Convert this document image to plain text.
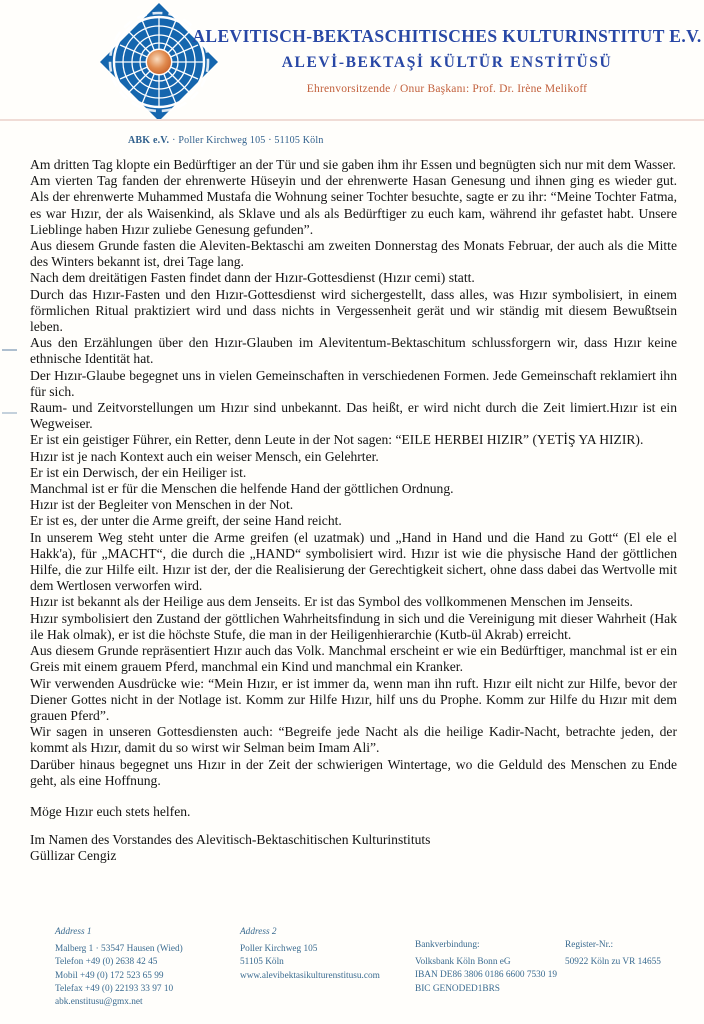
ALEVITISCH-BEKTASCHITISCHES KULTURINSTITUT E.V.
ALEVİ-BEKTAŞİ KÜLTÜR ENSTİTÜSÜ
Ehrenvorsitzende / Onur Başkanı: Prof. Dr. Irène Melikoff
ABK e.V. · Poller Kirchweg 105 · 51105 Köln

Am dritten Tag klopte ein Bedürftiger an der Tür und sie gaben ihm ihr Essen und begnügten sich nur mit dem Wasser.

Am vierten Tag fanden der ehrenwerte Hüseyin und der ehrenwerte Hasan Genesung und ihnen ging es wieder gut. Als der ehrenwerte Muhammed Mustafa die Wohnung seiner Tochter besuchte, sagte er zu ihr: “Meine Tochter Fatma, es war Hızır, der als Waisenkind, als Sklave und als als Bedürftiger zu euch kam, während ihr gefastet habt. Unsere Lieblinge haben Hızır zuliebe Genesung gefunden”.

Aus diesem Grunde fasten die Aleviten-Bektaschi am zweiten Donnerstag des Monats Februar, der auch als die Mitte des Winters bekannt ist, drei Tage lang.

Nach dem dreitätigen Fasten findet dann der Hızır-Gottesdienst (Hızır cemi) statt.

Durch das Hızır-Fasten und den Hızır-Gottesdienst wird sichergestellt, dass alles, was Hızır symbolisiert, in einem förmlichen Ritual praktiziert wird und dass nichts in Vergessenheit gerät und wir ständig mit diesem Bewußtsein leben.

Aus den Erzählungen über den Hızır-Glauben im Alevitentum-Bektaschitum schlussforgern wir, dass Hızır keine ethnische Identität hat.

Der Hızır-Glaube begegnet uns in vielen Gemeinschaften in verschiedenen Formen. Jede Gemeinschaft reklamiert ihn für sich.

Raum- und Zeitvorstellungen um Hızır sind unbekannt. Das heißt, er wird nicht durch die Zeit limiert.Hızır ist ein Wegweiser.

Er ist ein geistiger Führer, ein Retter, denn Leute in der Not sagen: “EILE HERBEI HIZIR” (YETİŞ YA HIZIR).

Hızır ist je nach Kontext auch ein weiser Mensch, ein Gelehrter.

Er ist ein Derwisch, der ein Heiliger ist.

Manchmal ist er für die Menschen die helfende Hand der göttlichen Ordnung.

Hızır ist der Begleiter von Menschen in der Not.

Er ist es, der unter die Arme greift, der seine Hand reicht.

In unserem Weg steht unter die Arme greifen (el uzatmak) und „Hand in Hand und die Hand zu Gott“ (El ele el Hakk'a), für „MACHT“, die durch die „HAND“ symbolisiert wird. Hızır ist wie die physische Hand der göttlichen Hilfe, die zur Hilfe eilt. Hızır ist der, der die Realisierung der Gerechtigkeit sichert, ohne dass dabei das Wertvolle mit dem Wertlosen verworfen wird.

Hızır ist bekannt als der Heilige aus dem Jenseits. Er ist das Symbol des vollkommenen Menschen im Jenseits.

Hızır symbolisiert den Zustand der göttlichen Wahrheitsfindung in sich und die Vereinigung mit dieser Wahrheit (Hak ile Hak olmak), er ist die höchste Stufe, die man in der Heiligenhierarchie (Kutb-ül Akrab) erreicht.

Aus diesem Grunde repräsentiert Hızır auch das Volk. Manchmal erscheint er wie ein Bedürftiger, manchmal ist er ein Greis mit einem grauem Pferd, manchmal ein Kind und manchmal ein Kranker.

Wir verwenden Ausdrücke wie: “Mein Hızır, er ist immer da, wenn man ihn ruft. Hızır eilt nicht zur Hilfe, bevor der Diener Gottes nicht in der Notlage ist. Komm zur Hilfe Hızır, hilf uns du Prophe. Komm zur Hilfe du Hızır mit dem grauen Pferd”.

Wir sagen in unseren Gottesdiensten auch: “Begreife jede Nacht als die heilige Kadir-Nacht, betrachte jeden, der kommt als Hızır, damit du so wirst wir Selman beim Imam Ali”.

Darüber hinaus begegnet uns Hızır in der Zeit der schwierigen Wintertage, wo die Gelduld des Menschen zu Ende geht, als eine Hoffnung.

Möge Hızır euch stets helfen.

Im Namen des Vorstandes des Alevitisch-Bektaschitischen Kulturinstituts

Güllizar Cengiz

Address 1
Malberg 1 · 53547 Hausen (Wied)
Telefon +49 (0) 2638 42 45
Mobil +49 (0) 172 523 65 99
Telefax +49 (0) 22193 33 97 10
abk.enstitusu@gmx.net
Address 2
Poller Kirchweg 105
51105 Köln
www.alevibektasikulturenstitusu.com
Bankverbindung:
Volksbank Köln Bonn eG
IBAN DE86 3806 0186 6600 7530 19
BIC GENODED1BRS
Register-Nr.:
50922 Köln zu VR 14655
